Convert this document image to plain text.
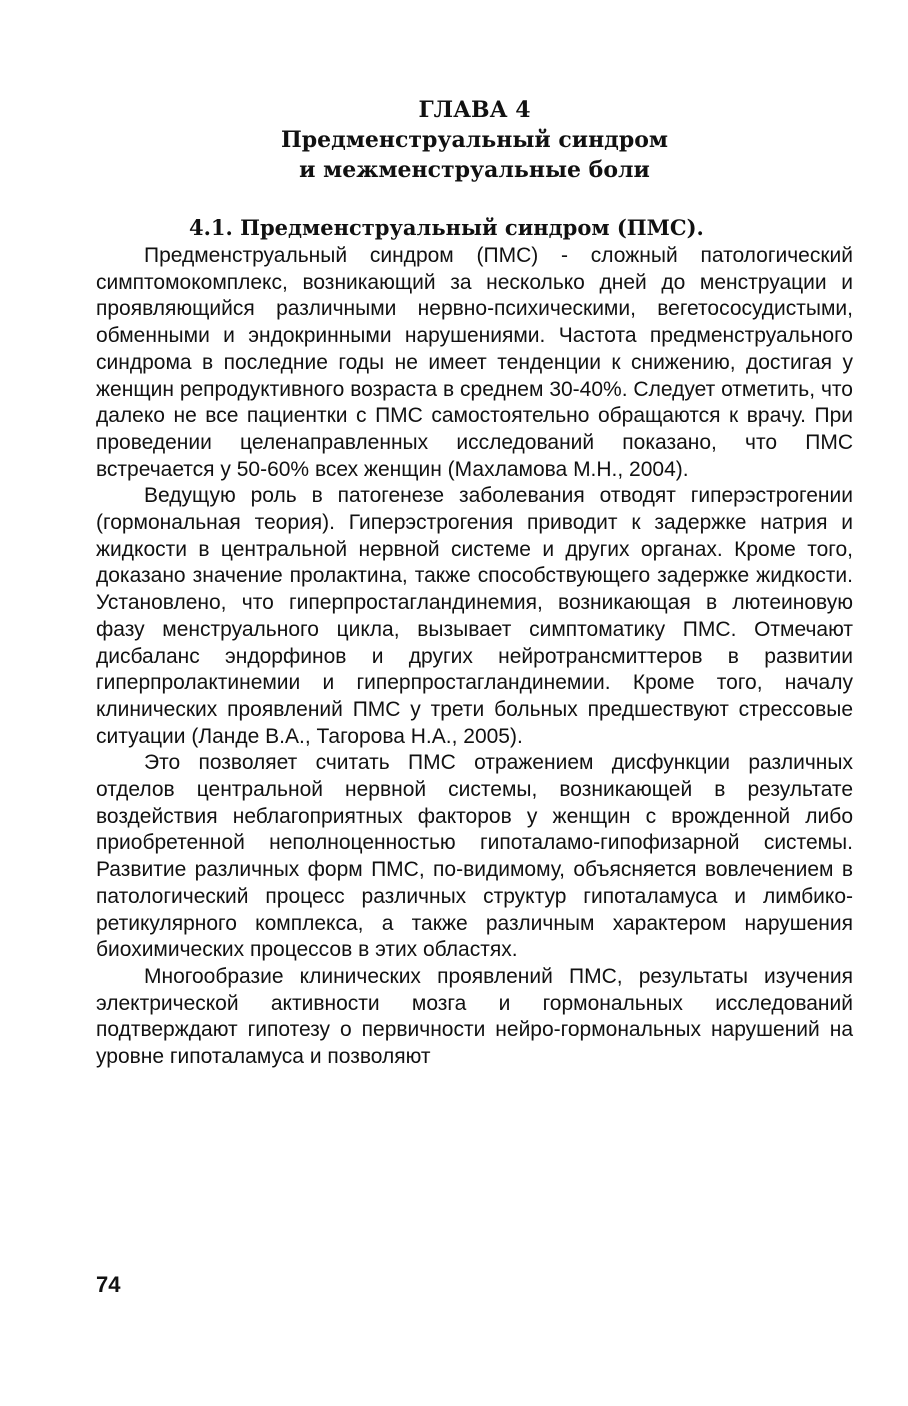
ГЛАВА 4
Предменструальный синдром
и межменструальные боли
4.1. Предменструальный синдром (ПМС).

Предменструальный синдром (ПМС) - сложный патологический симптомокомплекс, возникающий за несколько дней до менструации и проявляющийся различными нервно-психическими, вегетососудистыми, обменными и эндокринными нарушениями. Частота предменструального синдрома в последние годы не имеет тенденции к снижению, достигая у женщин репродуктивного возраста в среднем 30-40%. Следует отметить, что далеко не все пациентки с ПМС самостоятельно обращаются к врачу. При проведении целенаправленных исследований показано, что ПМС встречается у 50-60% всех женщин (Махламова М.Н., 2004).

Ведущую роль в патогенезе заболевания отводят гиперэстрогении (гормональная теория). Гиперэстрогения приводит к задержке натрия и жидкости в центральной нервной системе и других органах. Кроме того, доказано значение пролактина, также способствующего задержке жидкости. Установлено, что гиперпростагландинемия, возникающая в лютеиновую фазу менструального цикла, вызывает симптоматику ПМС. Отмечают дисбаланс эндорфинов и других нейротрансмиттеров в развитии гиперпролактинемии и гиперпростагландинемии. Кроме того, началу клинических проявлений ПМС у трети больных предшествуют стрессовые ситуации (Ланде В.А., Тагорова Н.А., 2005).

Это позволяет считать ПМС отражением дисфункции различных отделов центральной нервной системы, возникающей в результате воздействия неблагоприятных факторов у женщин с врожденной либо приобретенной неполноценностью гипоталамо-гипофизарной системы. Развитие различных форм ПМС, по-видимому, объясняется вовлечением в патологический процесс различных структур гипоталамуса и лимбико-ретикулярного комплекса, а также различным характером нарушения биохимических процессов в этих областях.

Многообразие клинических проявлений ПМС, результаты изучения электрической активности мозга и гормональных исследований подтверждают гипотезу о первичности нейро-гормональных нарушений на уровне гипоталамуса и позволяют

74
